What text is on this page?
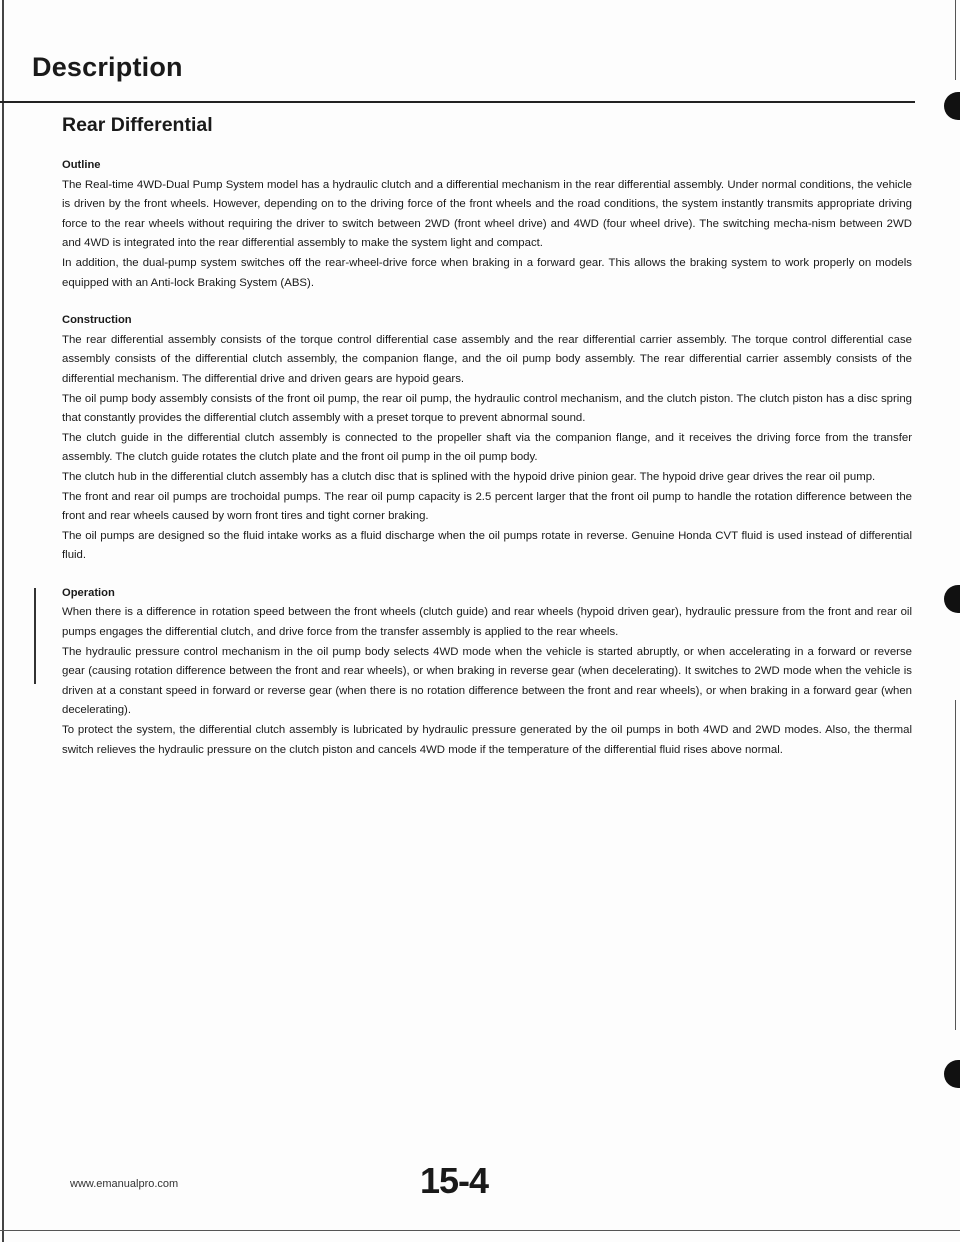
Description
Rear Differential

Outline

The Real-time 4WD-Dual Pump System model has a hydraulic clutch and a differential mechanism in the rear differential assembly. Under normal conditions, the vehicle is driven by the front wheels. However, depending on to the driving force of the front wheels and the road conditions, the system instantly transmits appropriate driving force to the rear wheels without requiring the driver to switch between 2WD (front wheel drive) and 4WD (four wheel drive). The switching mecha-nism between 2WD and 4WD is integrated into the rear differential assembly to make the system light and compact.

In addition, the dual-pump system switches off the rear-wheel-drive force when braking in a forward gear. This allows the braking system to work properly on models equipped with an Anti-lock Braking System (ABS).

Construction

The rear differential assembly consists of the torque control differential case assembly and the rear differential carrier assembly. The torque control differential case assembly consists of the differential clutch assembly, the companion flange, and the oil pump body assembly. The rear differential carrier assembly consists of the differential mechanism. The differential drive and driven gears are hypoid gears.

The oil pump body assembly consists of the front oil pump, the rear oil pump, the hydraulic control mechanism, and the clutch piston. The clutch piston has a disc spring that constantly provides the differential clutch assembly with a preset torque to prevent abnormal sound.

The clutch guide in the differential clutch assembly is connected to the propeller shaft via the companion flange, and it receives the driving force from the transfer assembly. The clutch guide rotates the clutch plate and the front oil pump in the oil pump body.

The clutch hub in the differential clutch assembly has a clutch disc that is splined with the hypoid drive pinion gear. The hypoid drive gear drives the rear oil pump.

The front and rear oil pumps are trochoidal pumps. The rear oil pump capacity is 2.5 percent larger that the front oil pump to handle the rotation difference between the front and rear wheels caused by worn front tires and tight corner braking.

The oil pumps are designed so the fluid intake works as a fluid discharge when the oil pumps rotate in reverse. Genuine Honda CVT fluid is used instead of differential fluid.

Operation

When there is a difference in rotation speed between the front wheels (clutch guide) and rear wheels (hypoid driven gear), hydraulic pressure from the front and rear oil pumps engages the differential clutch, and drive force from the transfer assembly is applied to the rear wheels.

The hydraulic pressure control mechanism in the oil pump body selects 4WD mode when the vehicle is started abruptly, or when accelerating in a forward or reverse gear (causing rotation difference between the front and rear wheels), or when braking in reverse gear (when decelerating). It switches to 2WD mode when the vehicle is driven at a constant speed in forward or reverse gear (when there is no rotation difference between the front and rear wheels), or when braking in a forward gear (when decelerating).

To protect the system, the differential clutch assembly is lubricated by hydraulic pressure generated by the oil pumps in both 4WD and 2WD modes. Also, the thermal switch relieves the hydraulic pressure on the clutch piston and cancels 4WD mode if the temperature of the differential fluid rises above normal.

www.emanualpro.com	15-4
